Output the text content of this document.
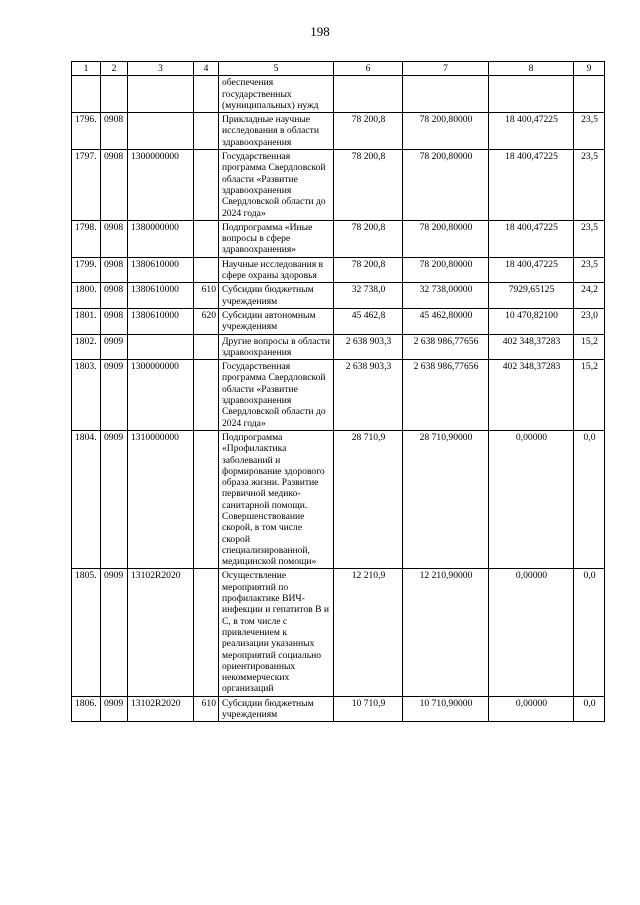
198
1	2	3	4	5	6	7	8	9
				обеспечения государственных (муниципальных) нужд				
1796.	0908			Прикладные научные исследования в области здравоохранения	78 200,8	78 200,80000	18 400,47225	23,5
1797.	0908	1300000000		Государственная программа Свердловской области «Развитие здравоохранения Свердловской области до 2024 года»	78 200,8	78 200,80000	18 400,47225	23,5
1798.	0908	1380000000		Подпрограмма «Иные вопросы в сфере здравоохранения»	78 200,8	78 200,80000	18 400,47225	23,5
1799.	0908	1380610000		Научные исследования в сфере охраны здоровья	78 200,8	78 200,80000	18 400,47225	23,5
1800.	0908	1380610000	610	Субсидии бюджетным учреждениям	32 738,0	32 738,00000	7929,65125	24,2
1801.	0908	1380610000	620	Субсидии автономным учреждениям	45 462,8	45 462,80000	10 470,82100	23,0
1802.	0909			Другие вопросы в области здравоохранения	2 638 903,3	2 638 986,77656	402 348,37283	15,2
1803.	0909	1300000000		Государственная программа Свердловской области «Развитие здравоохранения Свердловской области до 2024 года»	2 638 903,3	2 638 986,77656	402 348,37283	15,2
1804.	0909	1310000000		Подпрограмма «Профилактика заболеваний и формирование здорового образа жизни. Развитие первичной медико-санитарной помощи. Совершенствование скорой, в том числе скорой специализированной, медицинской помощи»	28 710,9	28 710,90000	0,00000	0,0
1805.	0909	13102R2020		Осуществление мероприятий по профилактике ВИЧ-инфекции и гепатитов B и C, в том числе с привлечением к реализации указанных мероприятий социально ориентированных некоммерческих организаций	12 210,9	12 210,90000	0,00000	0,0
1806.	0909	13102R2020	610	Субсидии бюджетным учреждениям	10 710,9	10 710,90000	0,00000	0,0
